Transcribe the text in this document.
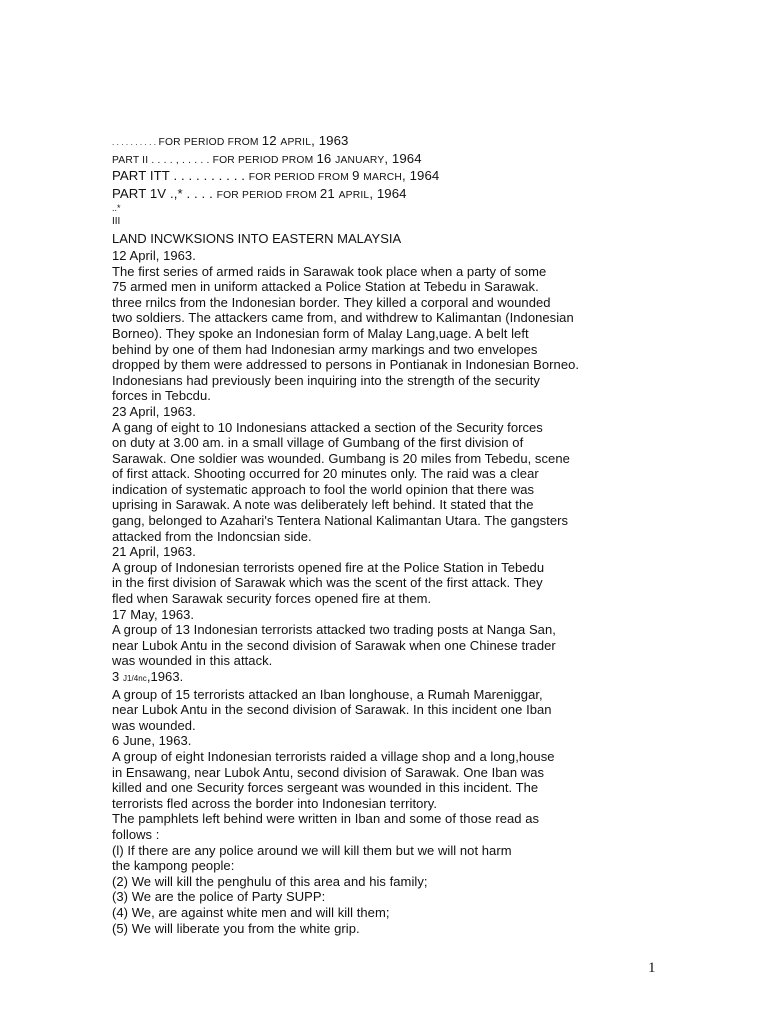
. . . . . . . . . . FOR PERIOD FROM 12 APRIL, 1963
PART II . . . . , . . . . . FOR PERIOD PROM 16 JANUARY, 1964
PART ITT . . . . . . . . . . FOR PERIOD FROM 9 MARCH, 1964
PART 1V .,* . . . . FOR PERIOD FROM 21 APRIL, 1964
..*
III
LAND INCWKSIONS INTO EASTERN MALAYSIA
12 April, 1963.
The first series of armed raids in Sarawak took place when a party of some
75 armed men in uniform attacked a Police Station at Tebedu in Sarawak.
three rnilcs from the Indonesian border. They killed a corporal and wounded
two soldiers. The attackers came from, and withdrew to Kalimantan (Indonesian
Borneo). They spoke an Indonesian form of Malay Lang,uage. A belt left
behind by one of them had Indonesian army markings and two envelopes
dropped by them were addressed to persons in Pontianak in Indonesian Borneo.
Indonesians had previously been inquiring into the strength of the security
forces in Tebcdu.
23 April, 1963.
A gang of eight to 10 Indonesians attacked a section of the Security forces
on duty at 3.00 am. in a small village of Gumbang of the first division of
Sarawak. One soldier was wounded. Gumbang is 20 miles from Tebedu, scene
of first attack. Shooting occurred for 20 minutes only. The raid was a clear
indication of systematic approach to fool the world opinion that there was
uprising in Sarawak. A note was deliberately left behind. It stated that the
gang, belonged to Azahari's Tentera National Kalimantan Utara. The gangsters
attacked from the Indoncsian side.
21 April, 1963.
A group of Indonesian terrorists opened fire at the Police Station in Tebedu
in the first division of Sarawak which was the scent of the first attack. They
fled when Sarawak security forces opened fire at them.
17 May, 1963.
A group of 13 Indonesian terrorists attacked two trading posts at Nanga San,
near Lubok Antu in the second division of Sarawak when one Chinese trader
was wounded in this attack.
3 J1/4nc,1963.
A group of 15 terrorists attacked an Iban longhouse, a Rumah Mareniggar,
near Lubok Antu in the second division of Sarawak. In this incident one Iban
was wounded.
6 June, 1963.
A group of eight Indonesian terrorists raided a village shop and a long,house
in Ensawang, near Lubok Antu, second division of Sarawak. One Iban was
killed and one Security forces sergeant was wounded in this incident. The
terrorists fled across the border into Indonesian territory.
The pamphlets left behind were written in Iban and some of those read as
follows :
(l) If there are any police around we will kill them but we will not harm
the kampong people:
(2) We will kill the penghulu of this area and his family;
(3) We are the police of Party SUPP:
(4) We, are against white men and will kill them;
(5) We will liberate you from the white grip.
1
